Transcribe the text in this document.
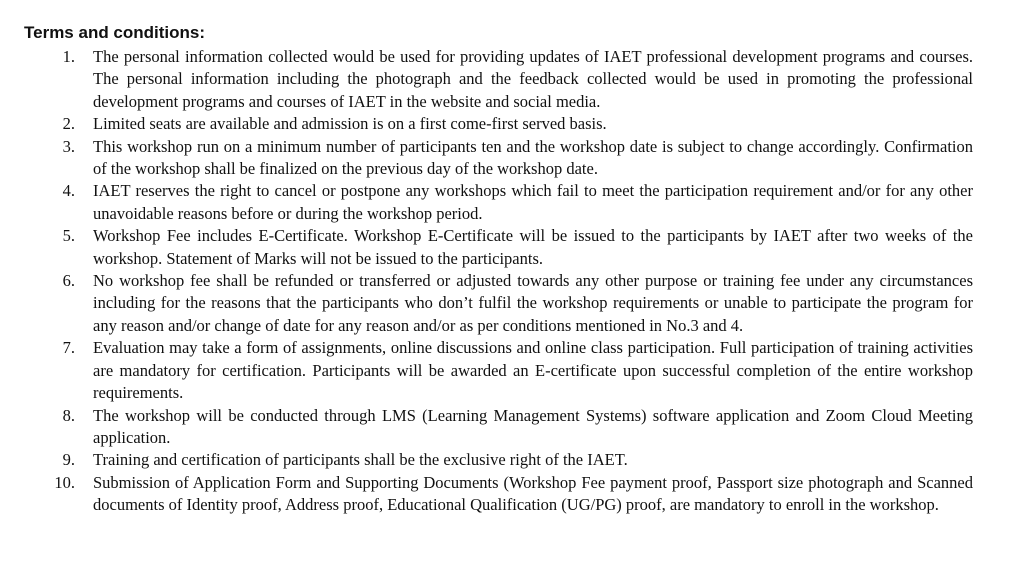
Terms and conditions:
1. The personal information collected would be used for providing updates of IAET professional development programs and courses. The personal information including the photograph and the feedback collected would be used in promoting the professional development programs and courses of IAET in the website and social media.
2. Limited seats are available and admission is on a first come-first served basis.
3. This workshop run on a minimum number of participants ten and the workshop date is subject to change accordingly. Confirmation of the workshop shall be finalized on the previous day of the workshop date.
4. IAET reserves the right to cancel or postpone any workshops which fail to meet the participation requirement and/or for any other unavoidable reasons before or during the workshop period.
5. Workshop Fee includes E-Certificate. Workshop E-Certificate will be issued to the participants by IAET after two weeks of the workshop. Statement of Marks will not be issued to the participants.
6. No workshop fee shall be refunded or transferred or adjusted towards any other purpose or training fee under any circumstances including for the reasons that the participants who don’t fulfil the workshop requirements or unable to participate the program for any reason and/or change of date for any reason and/or as per conditions mentioned in No.3 and 4.
7. Evaluation may take a form of assignments, online discussions and online class participation. Full participation of training activities are mandatory for certification. Participants will be awarded an E-certificate upon successful completion of the entire workshop requirements.
8. The workshop will be conducted through LMS (Learning Management Systems) software application and Zoom Cloud Meeting application.
9. Training and certification of participants shall be the exclusive right of the IAET.
10. Submission of Application Form and Supporting Documents (Workshop Fee payment proof, Passport size photograph and Scanned documents of Identity proof, Address proof, Educational Qualification (UG/PG) proof, are mandatory to enroll in the workshop.
